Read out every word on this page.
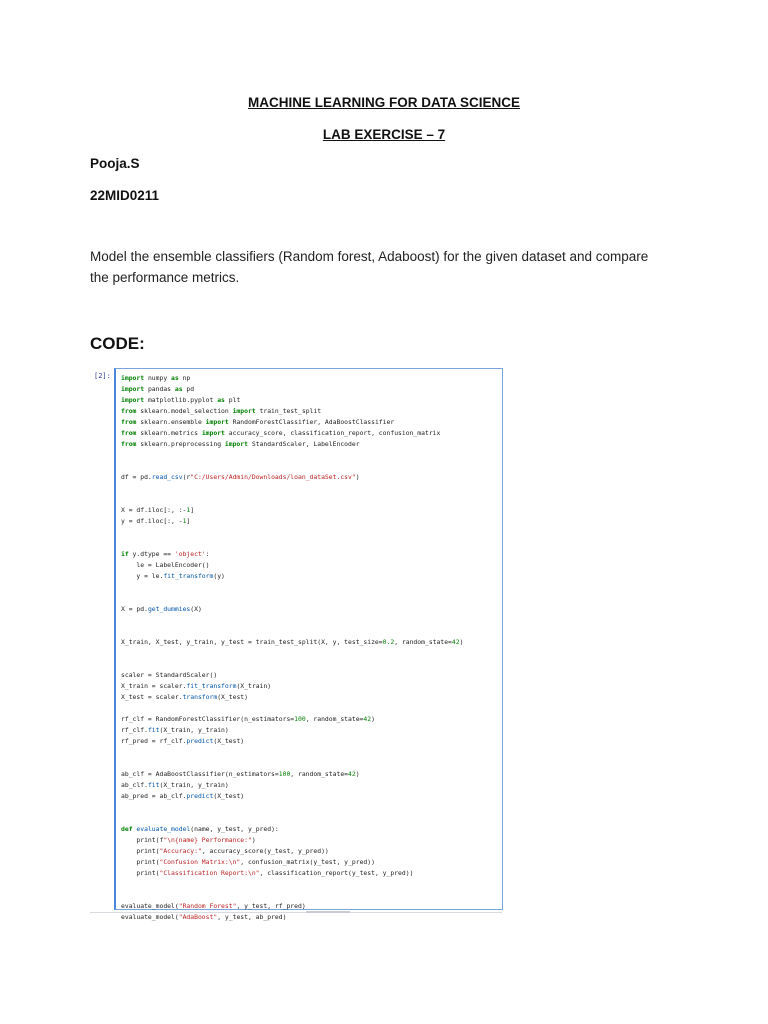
MACHINE LEARNING FOR DATA SCIENCE
LAB EXERCISE – 7
Pooja.S
22MID0211
Model the ensemble classifiers (Random forest, Adaboost) for the given dataset and compare the performance metrics.
CODE:
[2]: import numpy as np
import pandas as pd
import matplotlib.pyplot as plt
from sklearn.model_selection import train_test_split
from sklearn.ensemble import RandomForestClassifier, AdaBoostClassifier
from sklearn.metrics import accuracy_score, classification_report, confusion_matrix
from sklearn.preprocessing import StandardScaler, LabelEncoder

df = pd.read_csv(r"C:/Users/Admin/Downloads/loan_dataSet.csv")

X = df.iloc[:, :-1]
y = df.iloc[:, -1]

if y.dtype == 'object':
le = LabelEncoder()
y = le.fit_transform(y)

X = pd.get_dummies(X)

X_train, X_test, y_train, y_test = train_test_split(X, y, test_size=0.2, random_state=42)

scaler = StandardScaler()
X_train = scaler.fit_transform(X_train)
X_test = scaler.transform(X_test)

rf_clf = RandomForestClassifier(n_estimators=100, random_state=42)
rf_clf.fit(X_train, y_train)
rf_pred = rf_clf.predict(X_test)

ab_clf = AdaBoostClassifier(n_estimators=100, random_state=42)
ab_clf.fit(X_train, y_train)
ab_pred = ab_clf.predict(X_test)

def evaluate_model(name, y_test, y_pred):
print(f"\n{name} Performance:")
print("Accuracy:", accuracy_score(y_test, y_pred))
print("Confusion Matrix:\n", confusion_matrix(y_test, y_pred))
print("Classification Report:\n", classification_report(y_test, y_pred))

evaluate_model("Random Forest", y_test, rf_pred)
evaluate_model("AdaBoost", y_test, ab_pred)
